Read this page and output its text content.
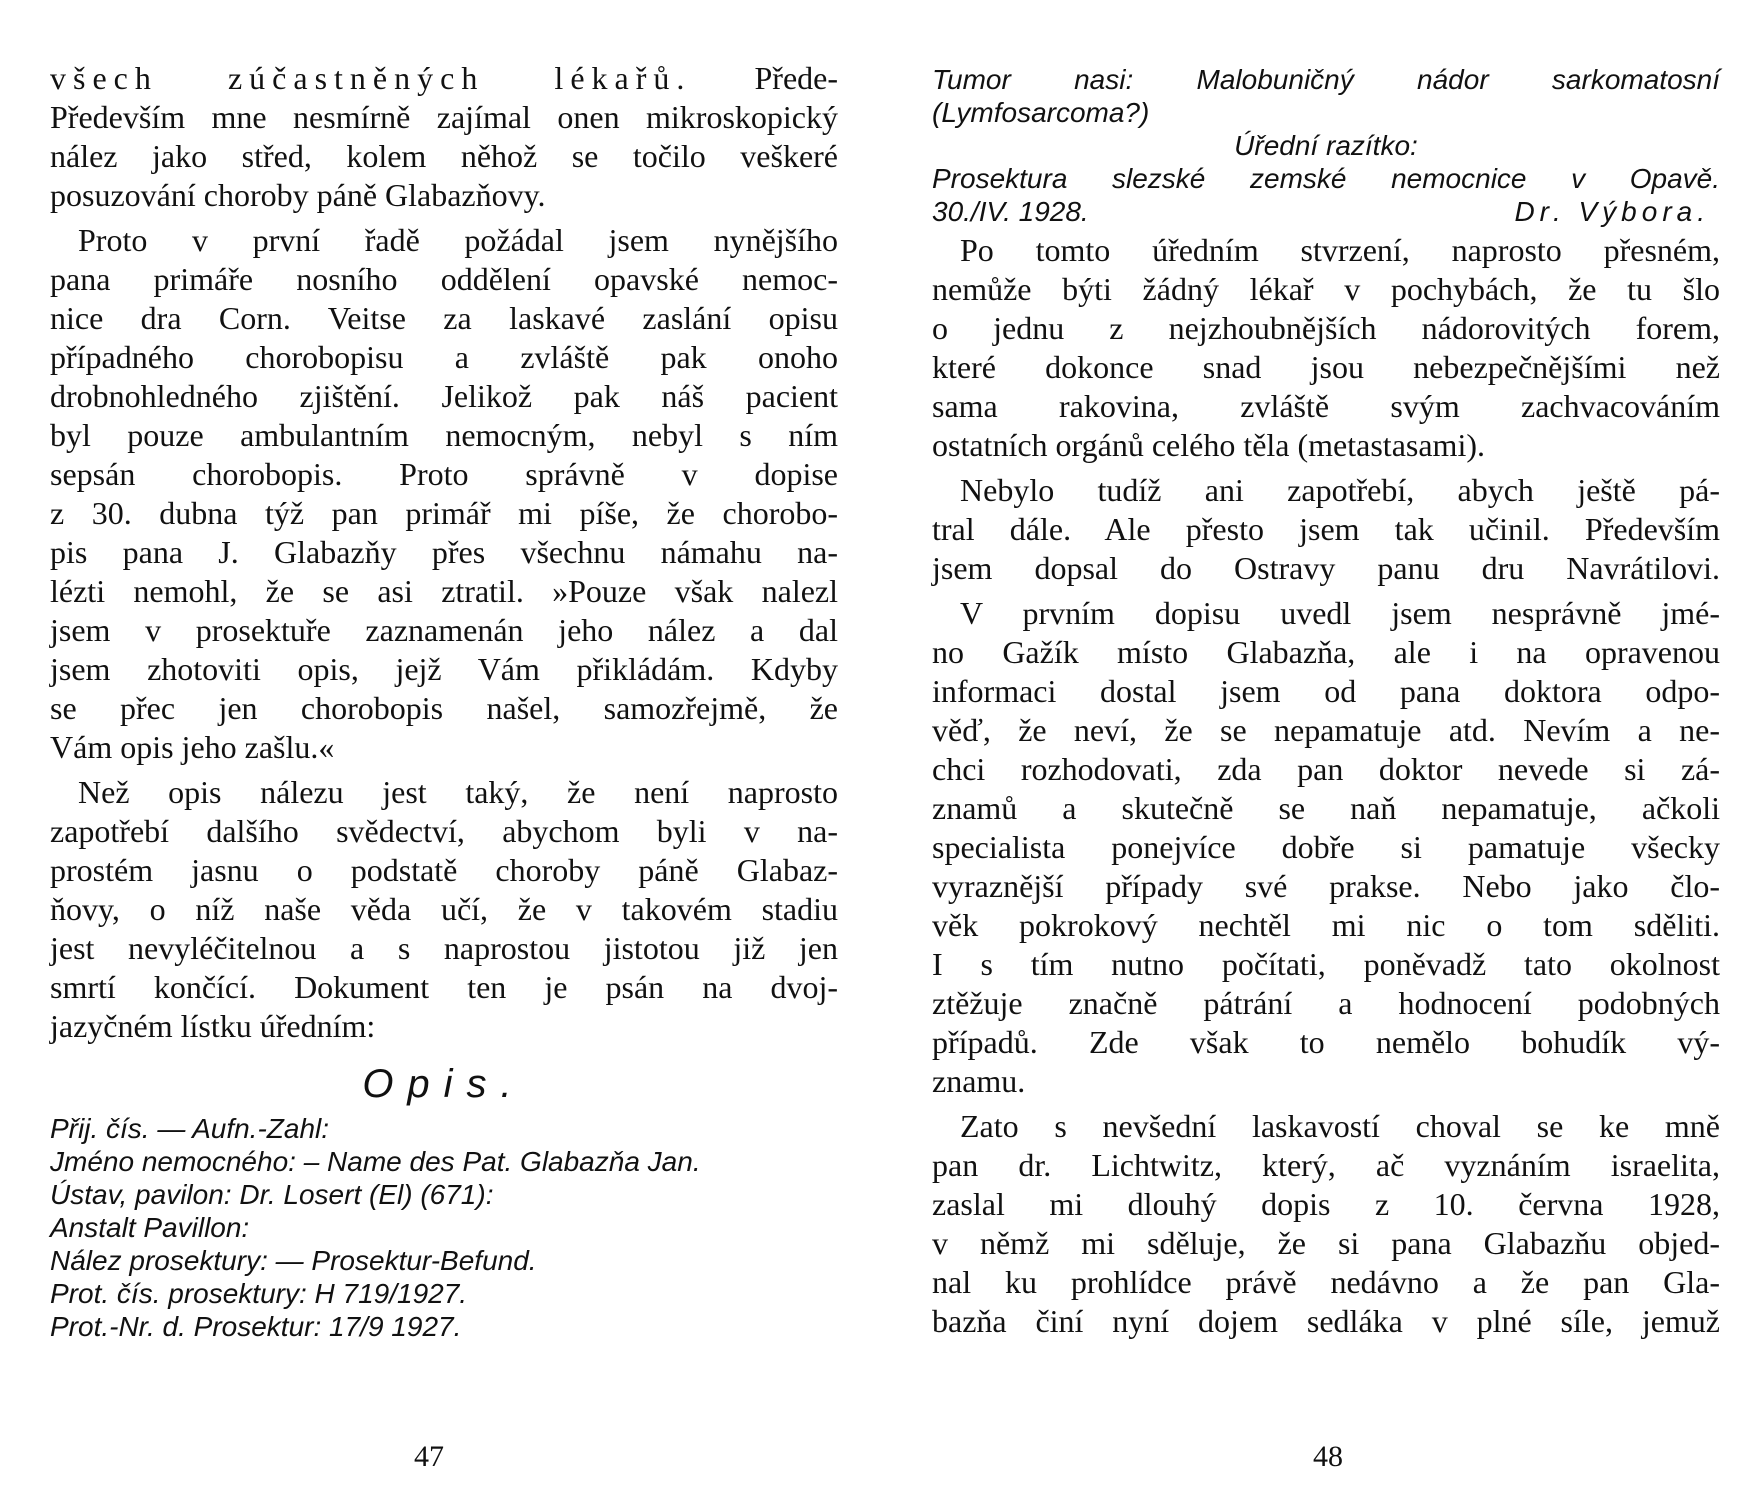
všech zúčastněných lékařů. Přede-
Především mne nesmírně zajímal onen mikroskopický
nález jako střed, kolem něhož se točilo veškeré
posuzování choroby páně Glabazňovy.
Proto v první řadě požádal jsem nynějšího
pana primáře nosního oddělení opavské nemoc-
nice dra Corn. Veitse za laskavé zaslání opisu
případného chorobopisu a zvláště pak onoho
drobnohledného zjištění. Jelikož pak náš pacient
byl pouze ambulantním nemocným, nebyl s ním
sepsán chorobopis. Proto správně v dopise
z 30. dubna týž pan primář mi píše, že chorobo-
pis pana J. Glabazňy přes všechnu námahu na-
lézti nemohl, že se asi ztratil. »Pouze však nalezl
jsem v prosektuře zaznamenán jeho nález a dal
jsem zhotoviti opis, jejž Vám přikládám. Kdyby
se přec jen chorobopis našel, samozřejmě, že
Vám opis jeho zašlu.«
Než opis nálezu jest taký, že není naprosto
zapotřebí dalšího svědectví, abychom byli v na-
prostém jasnu o podstatě choroby páně Glabaz-
ňovy, o níž naše věda učí, že v takovém stadiu
jest nevyléčitelnou a s naprostou jistotou již jen
smrtí končící. Dokument ten je psán na dvoj-
jazyčném lístku úředním:
Opis.
Přij. čís. — Aufn.-Zahl:
Jméno nemocného: – Name des Pat. Glabazňa Jan.
Ústav, pavilon: Dr. Losert (El) (671):
Anstalt Pavillon:
Nález prosektury: — Prosektur-Befund.
Prot. čís. prosektury: H 719/1927.
Prot.-Nr. d. Prosektur: 17/9 1927.
47
Tumor nasi: Malobuničný nádor sarkomatosní
(Lymfosarcoma?)
Úřední razítko:
Prosektura slezské zemské nemocnice v Opavě.
30./IV. 1928.	Dr. Výbora.
Po tomto úředním stvrzení, naprosto přesném,
nemůže býti žádný lékař v pochybách, že tu šlo
o jednu z nejzhoubnějších nádorovitých forem,
které dokonce snad jsou nebezpečnějšími než
sama rakovina, zvláště svým zachvacováním
ostatních orgánů celého těla (metastasami).
Nebylo tudíž ani zapotřebí, abych ještě pá-
tral dále. Ale přesto jsem tak učinil. Především
jsem dopsal do Ostravy panu dru Navrátilovi.
V prvním dopisu uvedl jsem nesprávně jmé-
no Gažík místo Glabazňa, ale i na opravenou
informaci dostal jsem od pana doktora odpo-
věď, že neví, že se nepamatuje atd. Nevím a ne-
chci rozhodovati, zda pan doktor nevede si zá-
znamů a skutečně se naň nepamatuje, ačkoli
specialista ponejvíce dobře si pamatuje všecky
vyraznější případy své prakse. Nebo jako člo-
věk pokrokový nechtěl mi nic o tom sděliti.
I s tím nutno počítati, poněvadž tato okolnost
ztěžuje značně pátrání a hodnocení podobných
případů. Zde však to nemělo bohudík vý-
znamu.
Zato s nevšední laskavostí choval se ke mně
pan dr. Lichtwitz, který, ač vyznáním israelita,
zaslal mi dlouhý dopis z 10. června 1928,
v němž mi sděluje, že si pana Glabazňu objed-
nal ku prohlídce právě nedávno a že pan Gla-
bazňa činí nyní dojem sedláka v plné síle, jemuž
48
